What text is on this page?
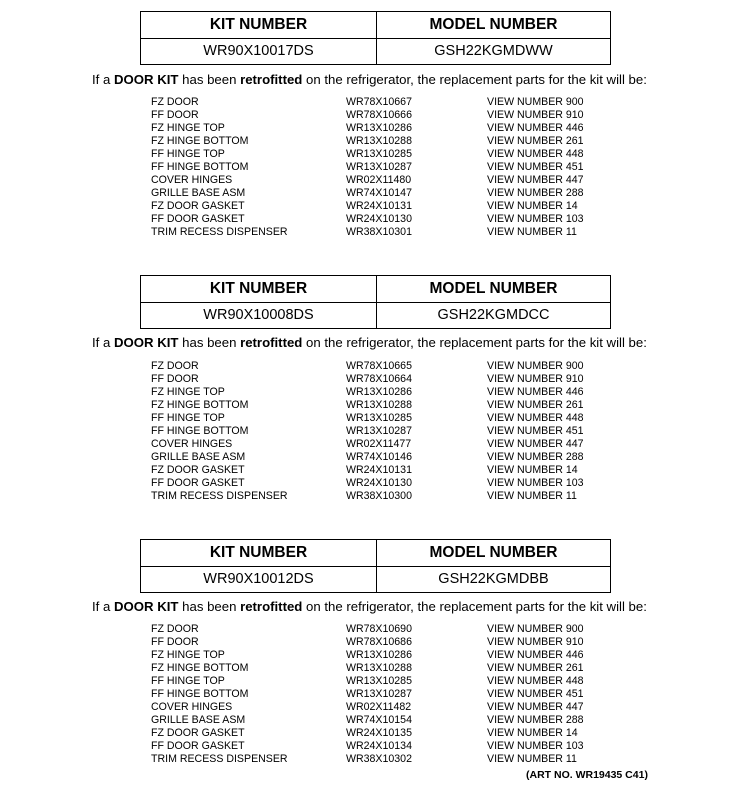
KIT NUMBER	MODEL NUMBER
WR90X10017DS	GSH22KGMDWW
If a DOOR KIT has been retrofitted on the refrigerator, the replacement parts for the kit will be:
FZ DOOR	WR78X10667	VIEW NUMBER 900
FF DOOR	WR78X10666	VIEW NUMBER 910
FZ HINGE TOP	WR13X10286	VIEW NUMBER 446
FZ HINGE BOTTOM	WR13X10288	VIEW NUMBER 261
FF HINGE TOP	WR13X10285	VIEW NUMBER 448
FF HINGE BOTTOM	WR13X10287	VIEW NUMBER 451
COVER HINGES	WR02X11480	VIEW NUMBER 447
GRILLE BASE ASM	WR74X10147	VIEW NUMBER 288
FZ DOOR GASKET	WR24X10131	VIEW NUMBER 14
FF DOOR GASKET	WR24X10130	VIEW NUMBER 103
TRIM RECESS DISPENSER	WR38X10301	VIEW NUMBER 11
KIT NUMBER	MODEL NUMBER
WR90X10008DS	GSH22KGMDCC
If a DOOR KIT has been retrofitted on the refrigerator, the replacement parts for the kit will be:
FZ DOOR	WR78X10665	VIEW NUMBER 900
FF DOOR	WR78X10664	VIEW NUMBER 910
FZ HINGE TOP	WR13X10286	VIEW NUMBER 446
FZ HINGE BOTTOM	WR13X10288	VIEW NUMBER 261
FF HINGE TOP	WR13X10285	VIEW NUMBER 448
FF HINGE BOTTOM	WR13X10287	VIEW NUMBER 451
COVER HINGES	WR02X11477	VIEW NUMBER 447
GRILLE BASE ASM	WR74X10146	VIEW NUMBER 288
FZ DOOR GASKET	WR24X10131	VIEW NUMBER 14
FF DOOR GASKET	WR24X10130	VIEW NUMBER 103
TRIM RECESS DISPENSER	WR38X10300	VIEW NUMBER 11
KIT NUMBER	MODEL NUMBER
WR90X10012DS	GSH22KGMDBB
If a DOOR KIT has been retrofitted on the refrigerator, the replacement parts for the kit will be:
FZ DOOR	WR78X10690	VIEW NUMBER 900
FF DOOR	WR78X10686	VIEW NUMBER 910
FZ HINGE TOP	WR13X10286	VIEW NUMBER 446
FZ HINGE BOTTOM	WR13X10288	VIEW NUMBER 261
FF HINGE TOP	WR13X10285	VIEW NUMBER 448
FF HINGE BOTTOM	WR13X10287	VIEW NUMBER 451
COVER HINGES	WR02X11482	VIEW NUMBER 447
GRILLE BASE ASM	WR74X10154	VIEW NUMBER 288
FZ DOOR GASKET	WR24X10135	VIEW NUMBER 14
FF DOOR GASKET	WR24X10134	VIEW NUMBER 103
TRIM RECESS DISPENSER	WR38X10302	VIEW NUMBER 11
(ART NO. WR19435 C41)
